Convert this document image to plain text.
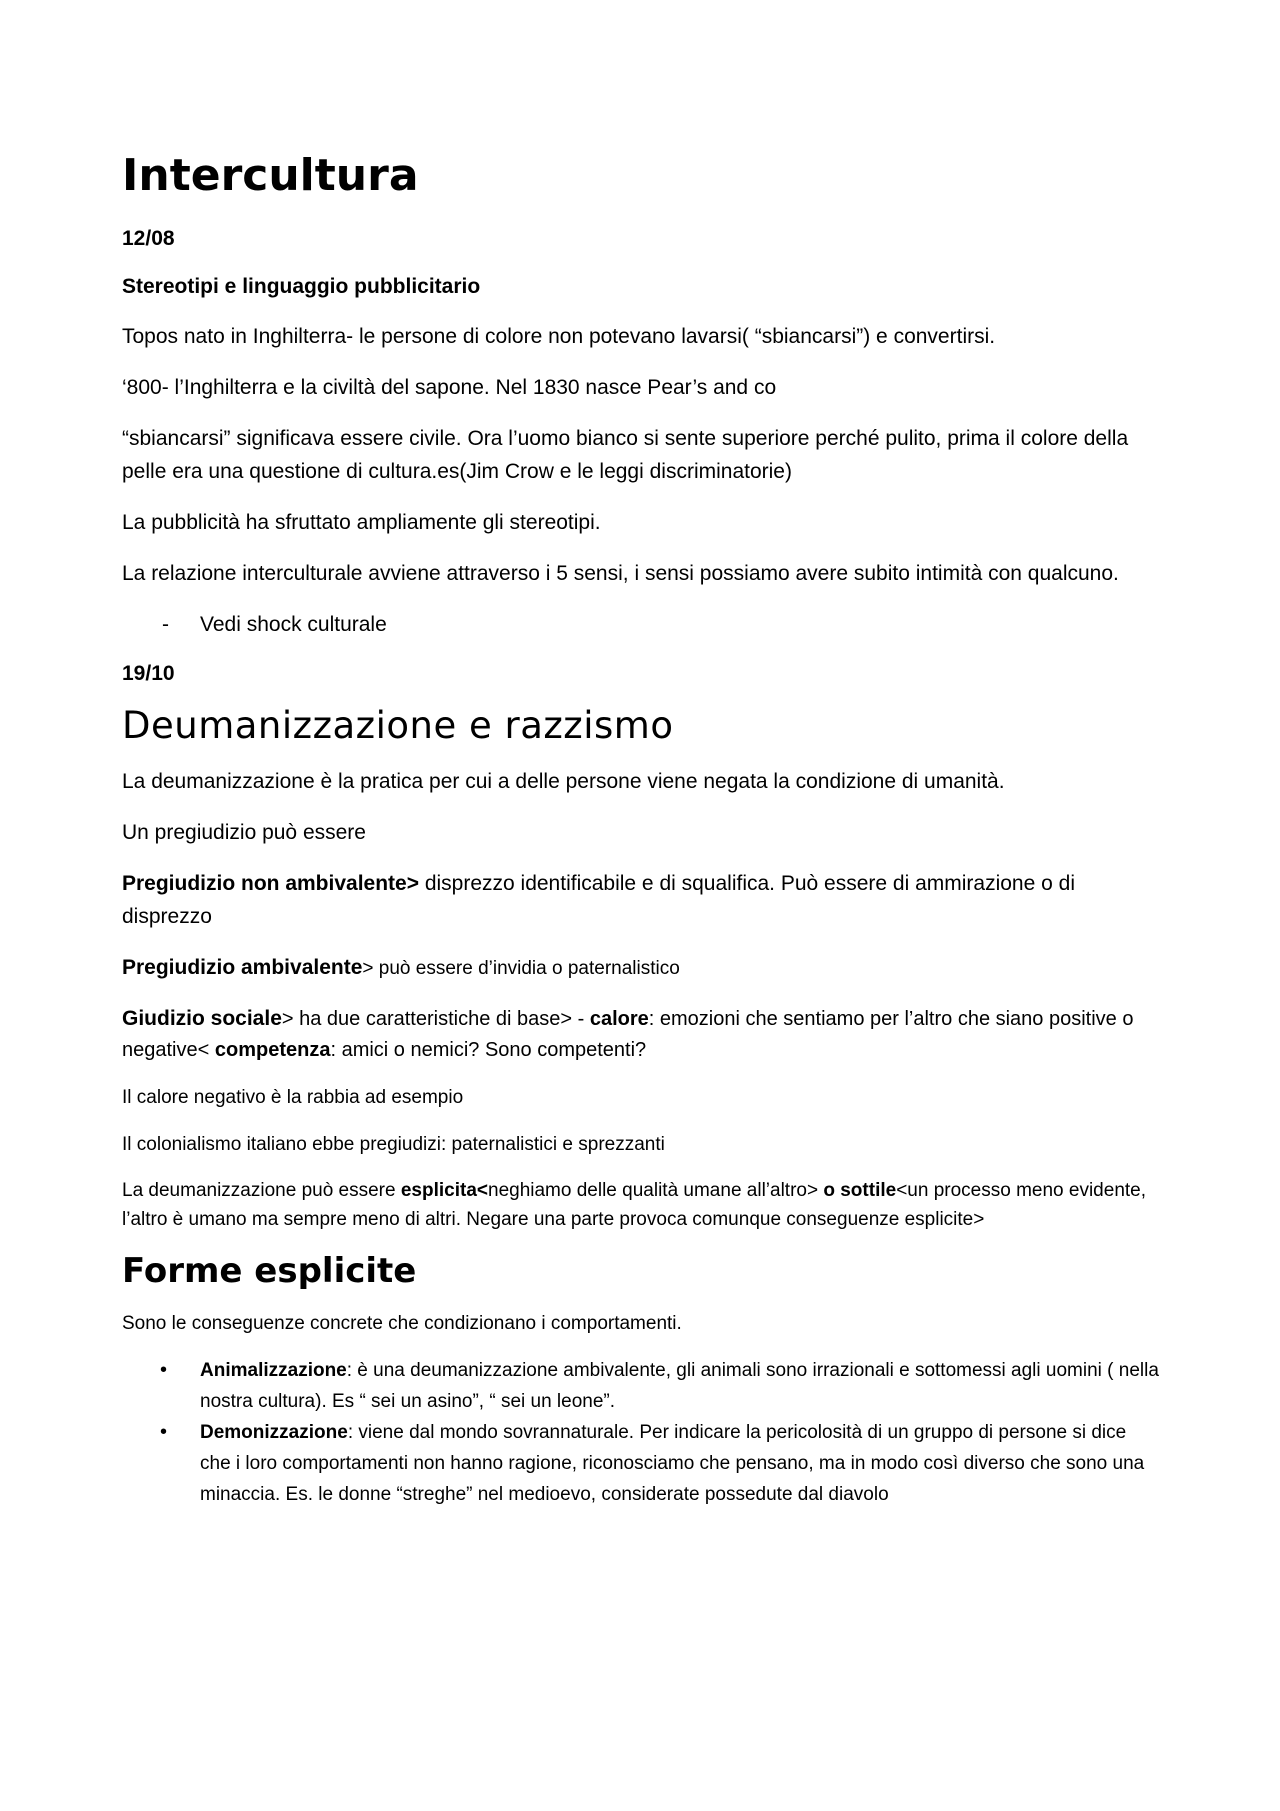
Intercultura
12/08
Stereotipi e linguaggio pubblicitario

Topos nato in Inghilterra- le persone di colore non potevano lavarsi( “sbiancarsi”) e convertirsi.

‘800- l’Inghilterra e la civiltà del sapone. Nel 1830 nasce Pear’s and co

“sbiancarsi” significava essere civile. Ora l’uomo bianco si sente superiore perché pulito, prima il colore della pelle era una questione di cultura.es(Jim Crow e le leggi discriminatorie)

La pubblicità ha sfruttato ampliamente gli stereotipi.

La relazione interculturale avviene attraverso i 5 sensi, i sensi possiamo avere subito intimità con qualcuno.

- Vedi shock culturale
19/10
Deumanizzazione e razzismo

La deumanizzazione è la pratica per cui a delle persone viene negata la condizione di umanità.

Un pregiudizio può essere

Pregiudizio non ambivalente> disprezzo identificabile e di squalifica. Può essere di ammirazione o di disprezzo

Pregiudizio ambivalente> può essere d’invidia o paternalistico

Giudizio sociale> ha due caratteristiche di base> - calore: emozioni che sentiamo per l’altro che siano positive o negative< competenza: amici o nemici? Sono competenti?

Il calore negativo è la rabbia ad esempio

Il colonialismo italiano ebbe pregiudizi: paternalistici e sprezzanti

La deumanizzazione può essere esplicita<neghiamo delle qualità umane all’altro> o sottile<un processo meno evidente, l’altro è umano ma sempre meno di altri. Negare una parte provoca comunque conseguenze esplicite>

Forme esplicite

Sono le conseguenze concrete che condizionano i comportamenti.

• Animalizzazione: è una deumanizzazione ambivalente, gli animali sono irrazionali e sottomessi agli uomini ( nella nostra cultura). Es “ sei un asino”, “ sei un leone”.
• Demonizzazione: viene dal mondo sovrannaturale. Per indicare la pericolosità di un gruppo di persone si dice che i loro comportamenti non hanno ragione, riconosciamo che pensano, ma in modo così diverso che sono una minaccia. Es. le donne “streghe” nel medioevo, considerate possedute dal diavolo
